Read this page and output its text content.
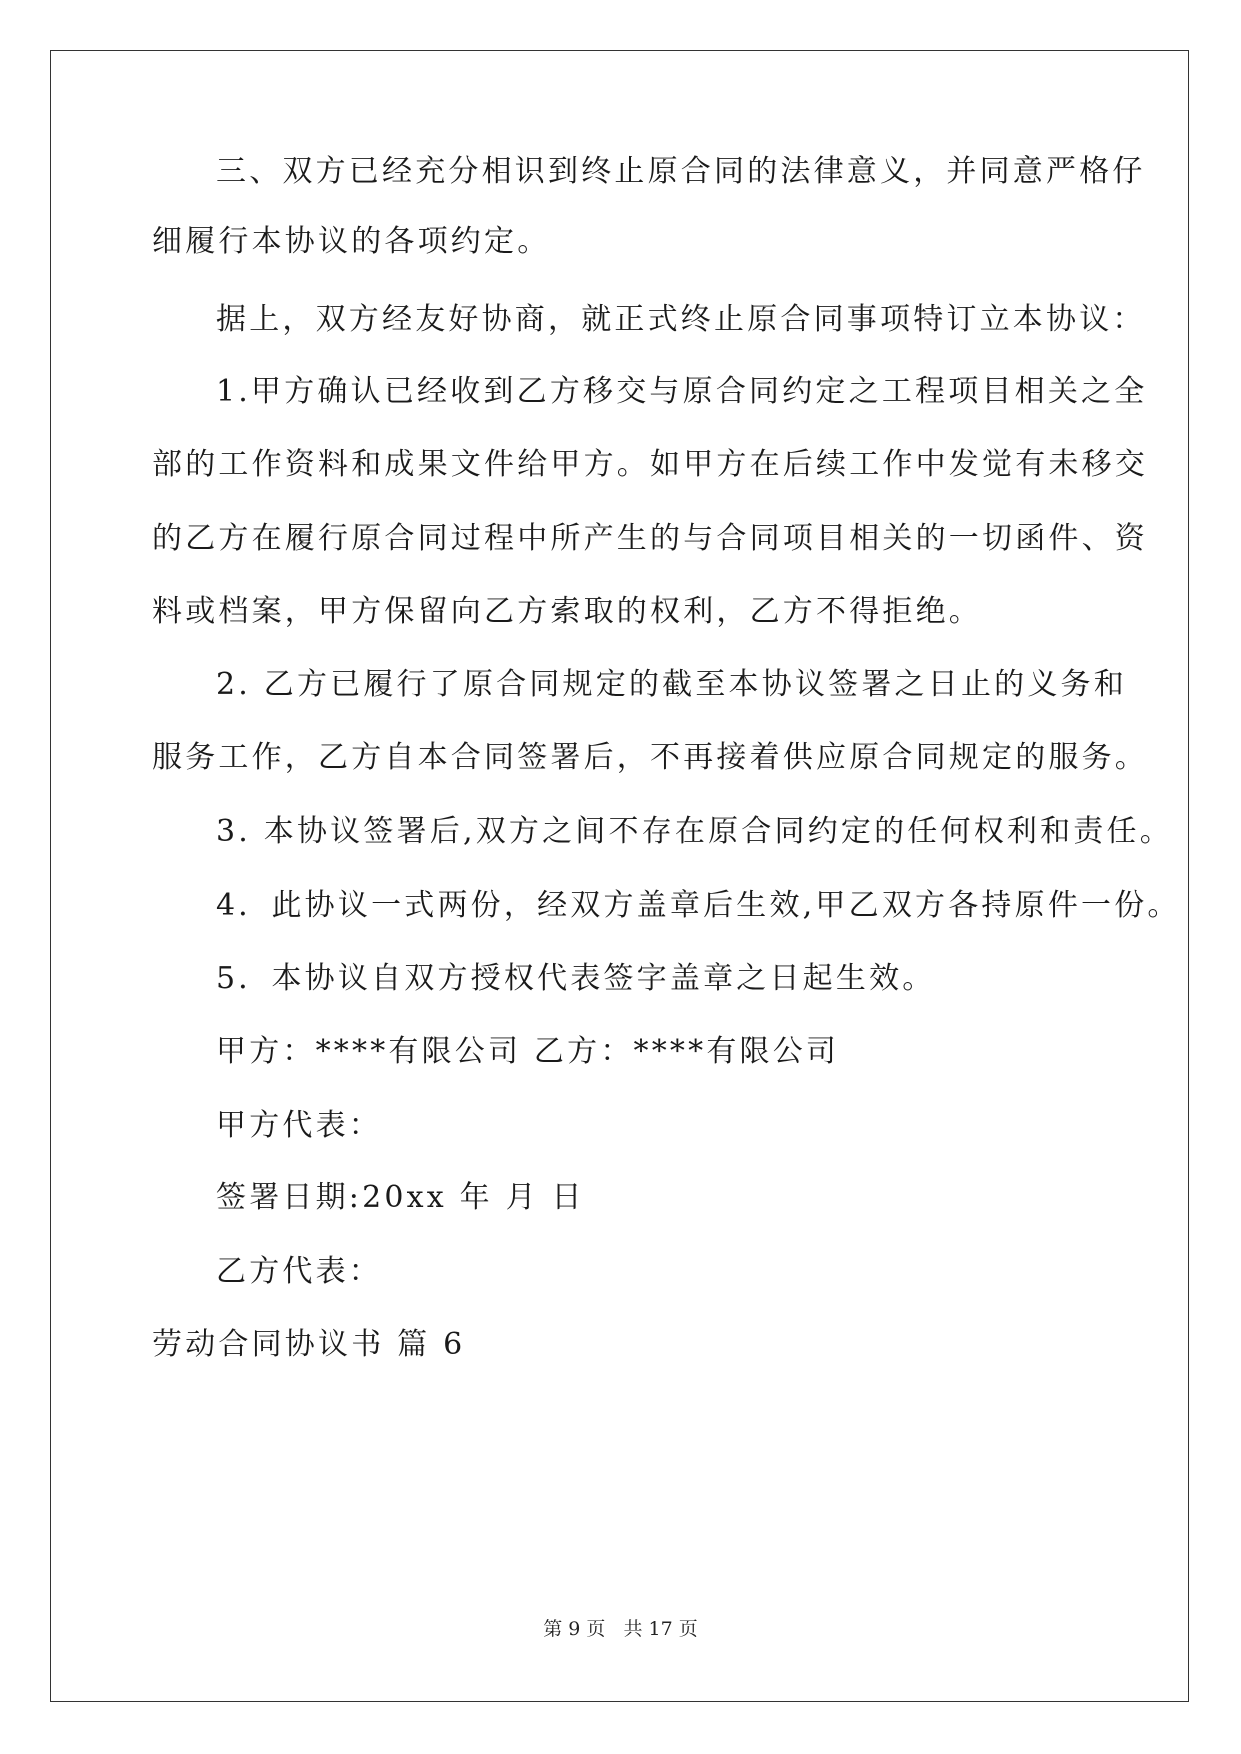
三、双方已经充分相识到终止原合同的法律意义，并同意严格仔
细履行本协议的各项约定。
据上，双方经友好协商，就正式终止原合同事项特订立本协议：
1.甲方确认已经收到乙方移交与原合同约定之工程项目相关之全
部的工作资料和成果文件给甲方。如甲方在后续工作中发觉有未移交
的乙方在履行原合同过程中所产生的与合同项目相关的一切函件、资
料或档案，甲方保留向乙方索取的权利，乙方不得拒绝。
2. 乙方已履行了原合同规定的截至本协议签署之日止的义务和
服务工作，乙方自本合同签署后，不再接着供应原合同规定的服务。
3. 本协议签署后,双方之间不存在原合同约定的任何权利和责任。
4．此协议一式两份，经双方盖章后生效,甲乙双方各持原件一份。
5．本协议自双方授权代表签字盖章之日起生效。
甲方：****有限公司 乙方：****有限公司
甲方代表：
签署日期:20xx 年 月 日
乙方代表：
劳动合同协议书 篇 6
第 9 页   共 17 页
